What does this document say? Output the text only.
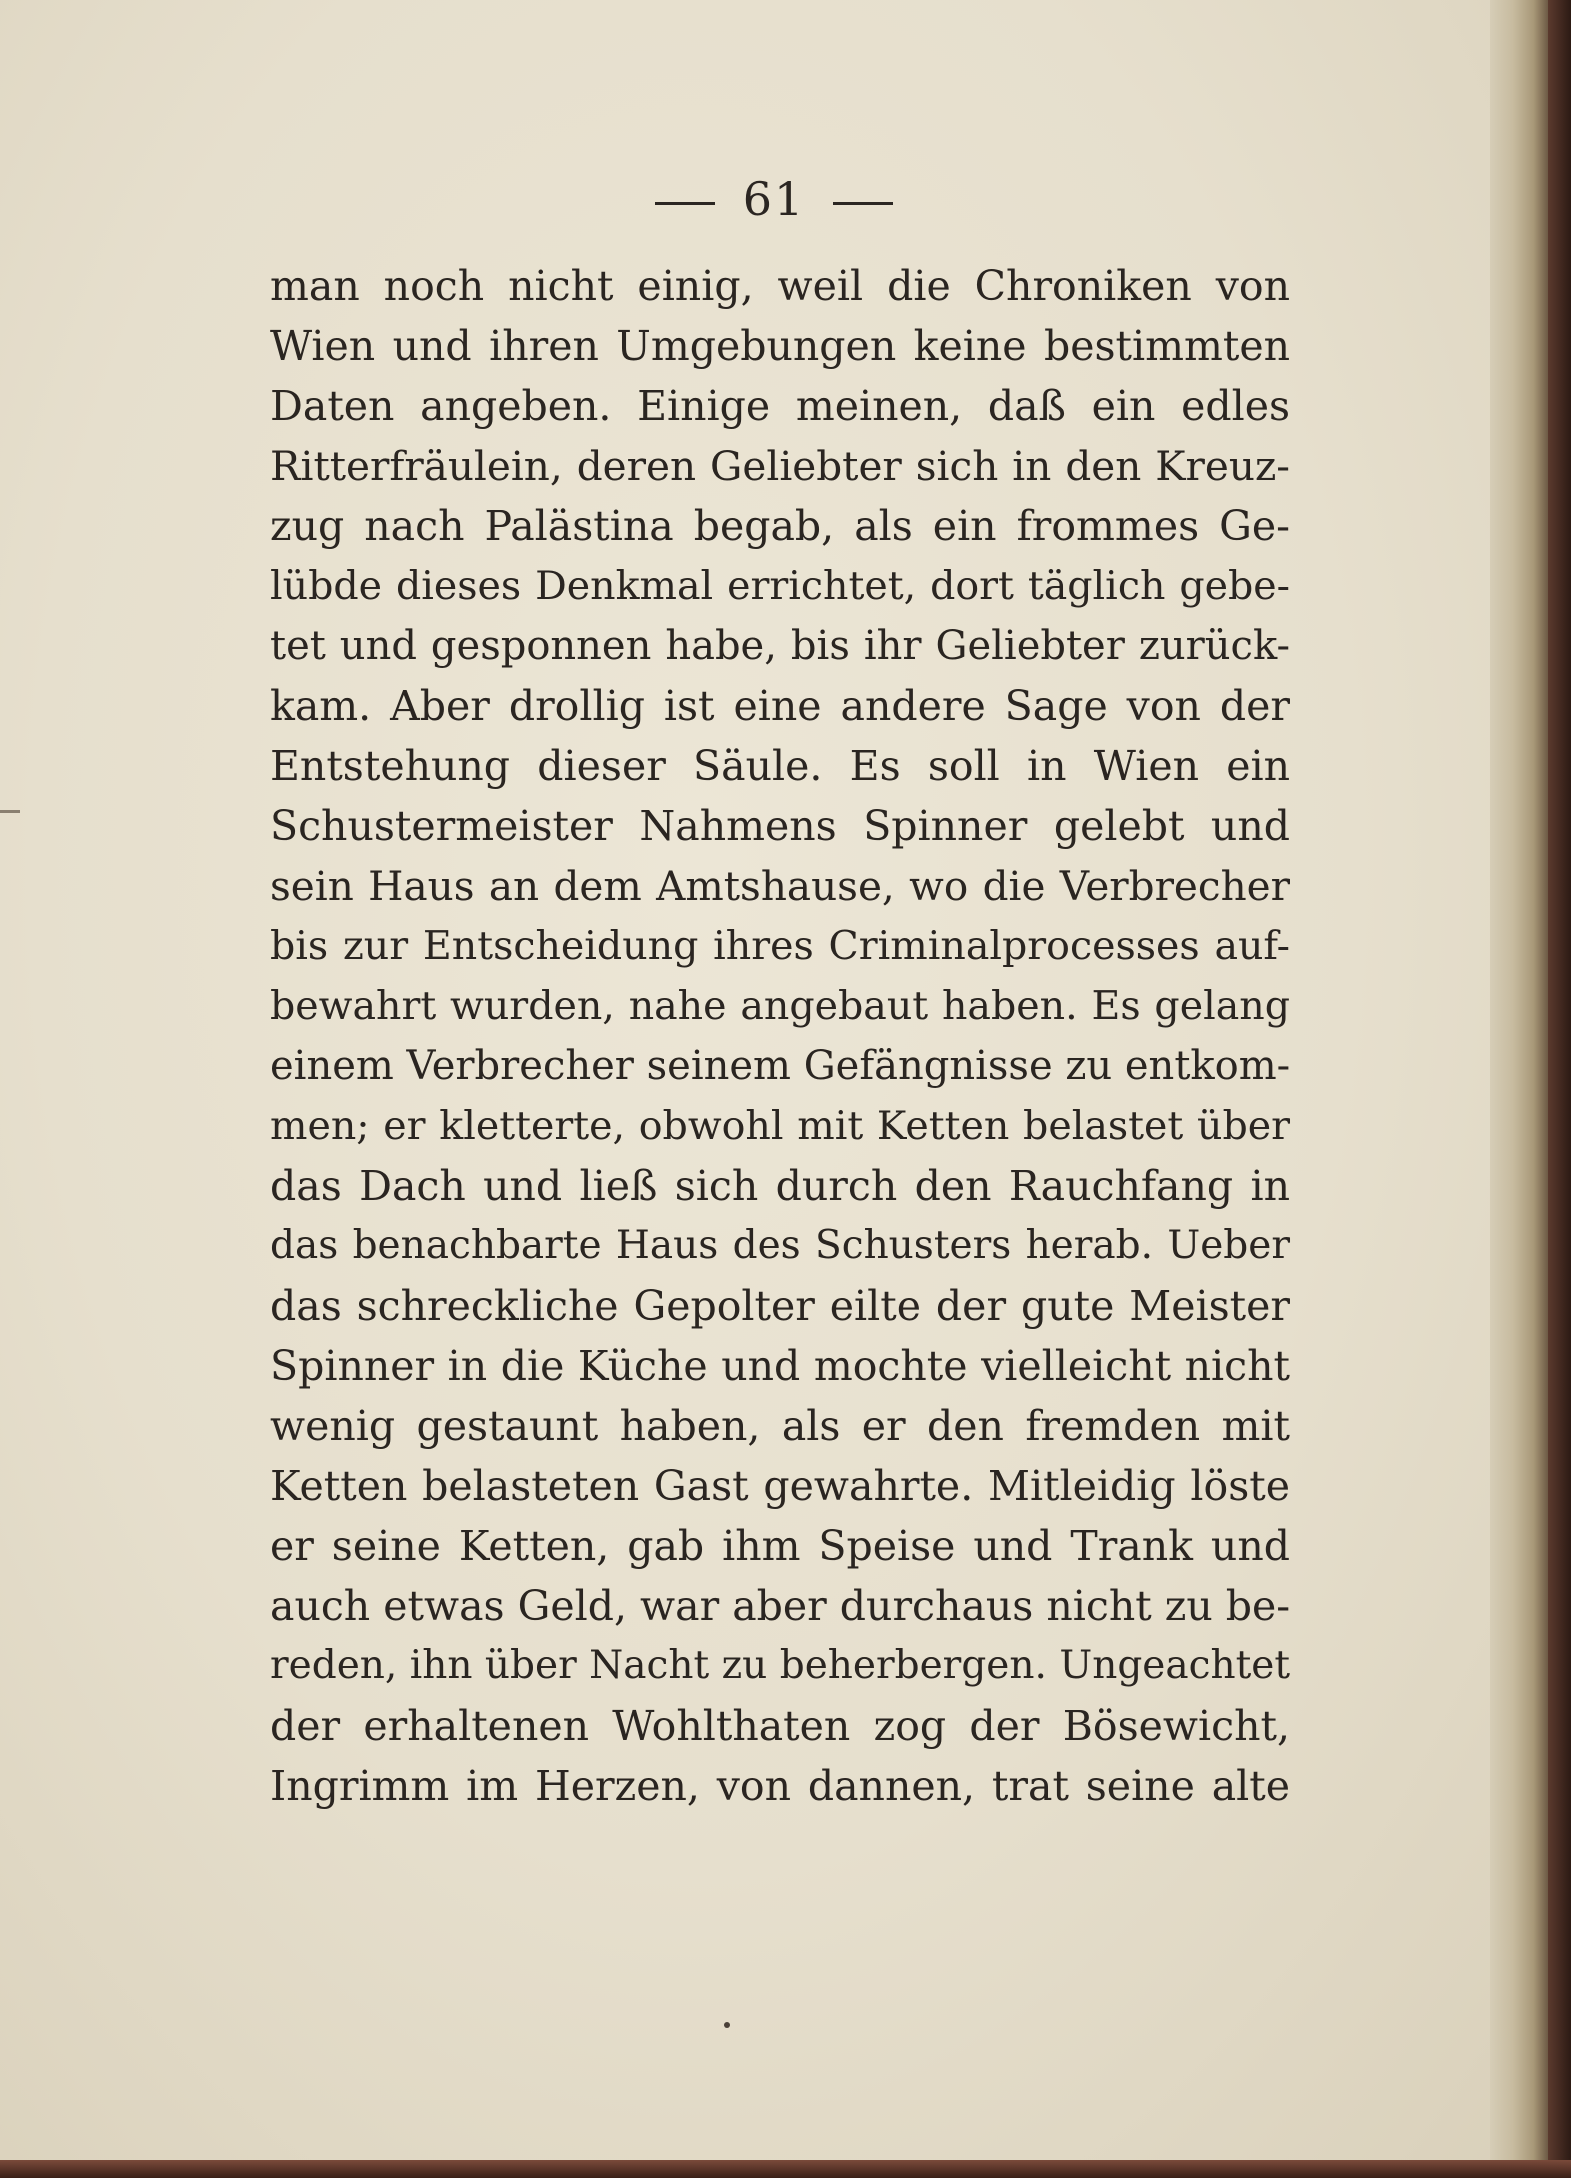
61
man noch nicht einig, weil die Chroniken von
Wien und ihren Umgebungen keine bestimmten
Daten angeben. Einige meinen, daß ein edles
Ritterfräulein, deren Geliebter sich in den Kreuz-
zug nach Palästina begab, als ein frommes Ge-
lübde dieses Denkmal errichtet, dort täglich gebe-
tet und gesponnen habe, bis ihr Geliebter zurück-
kam. Aber drollig ist eine andere Sage von der
Entstehung dieser Säule. Es soll in Wien ein
Schustermeister Nahmens Spinner gelebt und
sein Haus an dem Amtshause, wo die Verbrecher
bis zur Entscheidung ihres Criminalprocesses auf-
bewahrt wurden, nahe angebaut haben. Es gelang
einem Verbrecher seinem Gefängnisse zu entkom-
men; er kletterte, obwohl mit Ketten belastet über
das Dach und ließ sich durch den Rauchfang in
das benachbarte Haus des Schusters herab. Ueber
das schreckliche Gepolter eilte der gute Meister
Spinner in die Küche und mochte vielleicht nicht
wenig gestaunt haben, als er den fremden mit
Ketten belasteten Gast gewahrte. Mitleidig löste
er seine Ketten, gab ihm Speise und Trank und
auch etwas Geld, war aber durchaus nicht zu be-
reden, ihn über Nacht zu beherbergen. Ungeachtet
der erhaltenen Wohlthaten zog der Bösewicht,
Ingrimm im Herzen, von dannen, trat seine alte
